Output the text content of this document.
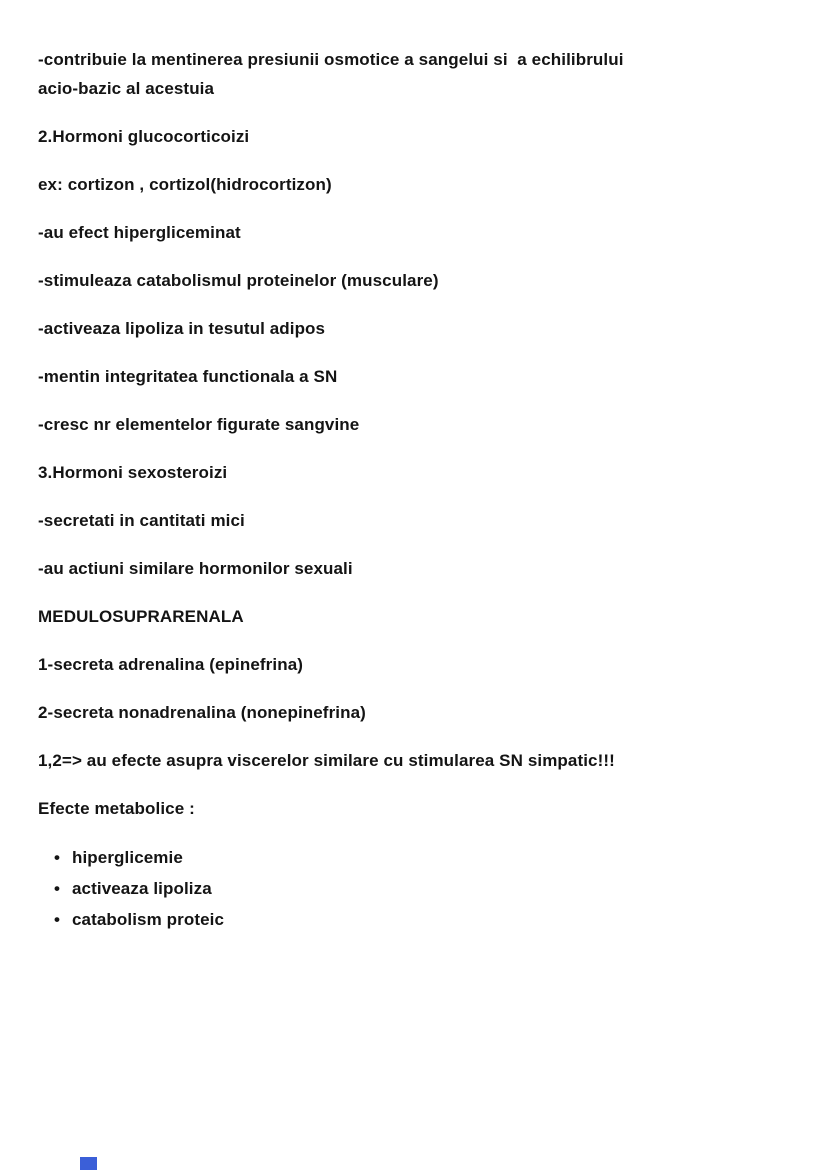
-contribuie la mentinerea presiunii osmotice a sangelui si  a echilibrului
acio-bazic al acestuia

2.Hormoni glucocorticoizi

ex: cortizon , cortizol(hidrocortizon)

-au efect hipergliceminat

-stimuleaza catabolismul proteinelor (musculare)

-activeaza lipoliza in tesutul adipos

-mentin integritatea functionala a SN

-cresc nr elementelor figurate sangvine

3.Hormoni sexosteroizi

-secretati in cantitati mici

-au actiuni similare hormonilor sexuali

MEDULOSUPRARENALA

1-secreta adrenalina (epinefrina)

2-secreta nonadrenalina (nonepinefrina)

1,2=> au efecte asupra viscerelor similare cu stimularea SN simpatic!!!

Efecte metabolice :

• hiperglicemie
• activeaza lipoliza
• catabolism proteic
